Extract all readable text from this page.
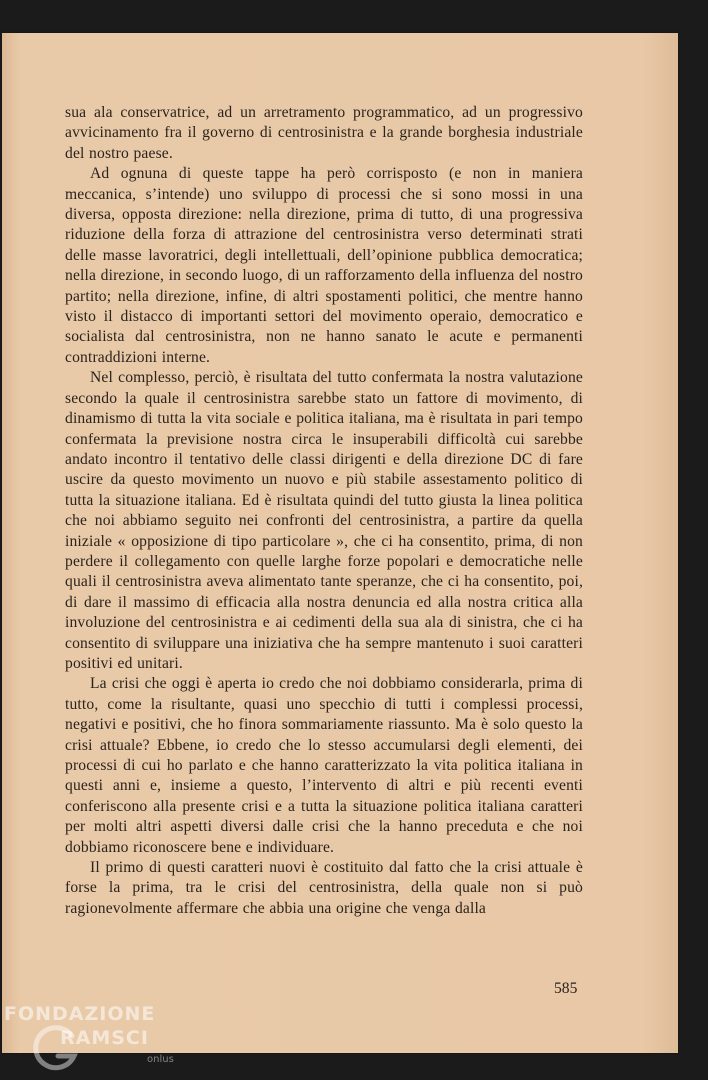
sua ala conservatrice, ad un arretramento programmatico, ad un progressivo avvicinamento fra il governo di centrosinistra e la grande borghesia industriale del nostro paese.

Ad ognuna di queste tappe ha però corrisposto (e non in maniera meccanica, s’intende) uno sviluppo di processi che si sono mossi in una diversa, opposta direzione: nella direzione, prima di tutto, di una progressiva riduzione della forza di attrazione del centrosinistra verso determinati strati delle masse lavoratrici, degli intellettuali, dell’opinione pubblica democratica; nella direzione, in secondo luogo, di un rafforzamento della influenza del nostro partito; nella direzione, infine, di altri spostamenti politici, che mentre hanno visto il distacco di importanti settori del movimento operaio, democratico e socialista dal centrosinistra, non ne hanno sanato le acute e permanenti contraddizioni interne.

Nel complesso, perciò, è risultata del tutto confermata la nostra valutazione secondo la quale il centrosinistra sarebbe stato un fattore di movimento, di dinamismo di tutta la vita sociale e politica italiana, ma è risultata in pari tempo confermata la previsione nostra circa le insuperabili difficoltà cui sarebbe andato incontro il tentativo delle classi dirigenti e della direzione DC di fare uscire da questo movimento un nuovo e più stabile assestamento politico di tutta la situazione italiana. Ed è risultata quindi del tutto giusta la linea politica che noi abbiamo seguito nei confronti del centrosinistra, a partire da quella iniziale « opposizione di tipo particolare », che ci ha consentito, prima, di non perdere il collegamento con quelle larghe forze popolari e democratiche nelle quali il centrosinistra aveva alimentato tante speranze, che ci ha consentito, poi, di dare il massimo di efficacia alla nostra denuncia ed alla nostra critica alla involuzione del centrosinistra e ai cedimenti della sua ala di sinistra, che ci ha consentito di sviluppare una iniziativa che ha sempre mantenuto i suoi caratteri positivi ed unitari.

La crisi che oggi è aperta io credo che noi dobbiamo considerarla, prima di tutto, come la risultante, quasi uno specchio di tutti i complessi processi, negativi e positivi, che ho finora sommariamente riassunto. Ma è solo questo la crisi attuale? Ebbene, io credo che lo stesso accumularsi degli elementi, dei processi di cui ho parlato e che hanno caratterizzato la vita politica italiana in questi anni e, insieme a questo, l’intervento di altri e più recenti eventi conferiscono alla presente crisi e a tutta la situazione politica italiana caratteri per molti altri aspetti diversi dalle crisi che la hanno preceduta e che noi dobbiamo riconoscere bene e individuare.

Il primo di questi caratteri nuovi è costituito dal fatto che la crisi attuale è forse la prima, tra le crisi del centrosinistra, della quale non si può ragionevolmente affermare che abbia una origine che venga dalla

585
FONDAZIONE
RAMSCI
onlus
